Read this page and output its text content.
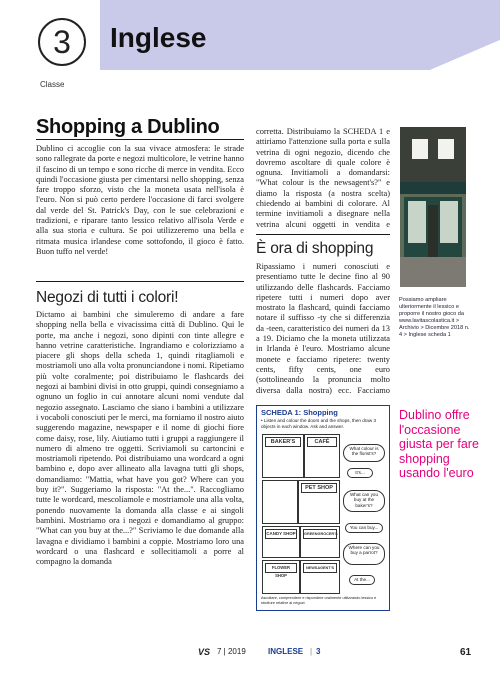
3
Classe
Inglese
Shopping a Dublino
Dublino ci accoglie con la sua vivace atmosfera: le strade sono rallegrate da porte e negozi multicolore, le vetrine hanno il fascino di un tempo e sono ricche di merce in vendita. Ecco quindi l'occasione giusta per cimentarsi nello shopping, senza fare troppo sforzo, visto che la moneta usata nell'isola è l'euro. Non si può certo perdere l'occasione di farci svolgere dal verde del St. Patrick's Day, con le sue celebrazioni e tradizioni, e riparare tanto lessico relativo all'isola Verde e alla sua storia e cultura. Se poi utilizzeremo una bella e ritmata musica irlandese come sottofondo, il gioco è fatto. Buon tuffo nel verde!
Negozi di tutti i colori!
Dictamo ai bambini che simuleremo di andare a fare shopping nella bella e vivacissima città di Dublino. Qui le porte, ma anche i negozi, sono dipinti con tinte allegre e hanno vetrine caratteristiche. Ingrandiamo e colorizziamo a piacere gli shops della scheda 1, quindi ritagliamoli e mostriamoli uno alla volta pronunciandone i nomi. Ripetiamo più volte coralmente; poi distribuiamo le flashcards dei negozi ai bambini divisi in otto gruppi, quindi consegniamo a ognuno un foglio in cui annotare alcuni nomi vendute dal negozio assegnato. Lasciamo che siano i bambini a utilizzare i vocaboli conosciuti per le merci, ma forniamo il nostro aiuto suggerendo magazine, newspaper e il nome di giochi fiore come daisy, rose, lily. Aiutiamo tutti i gruppi a raggiungere il numero di almeno tre oggetti. Scriviamoli su cartoncini e mostriamoli ripetendo. Poi distribuiamo una wordcard a ogni bambino e, dopo aver allineato alla lavagna tutti gli shops, domandiamo: "Mattia, what have you got? Where can you buy it?". Suggeriamo la risposta: "At the...". Raccogliamo tutte le wordcard, mescoliamole e mostriamole una alla volta, ponendo nuovamente la domanda alla classe e ai singoli bambini. Mostriamo ora i negozi e domandiamo al gruppo: "What can you buy at the...?" Scriviamo le due domande alla lavagna e dividiamo i bambini a coppie. Mostriamo loro una wordcard o una flashcard e sollecitiamoli a porre al compagno la domanda
corretta. Distribuiamo la SCHEDA 1 e attiriamo l'attenzione sulla porta e sulla vetrina di ogni negozio, dicendo che dovremo ascoltare di quale colore è ognuna. Invitiamoli a domandarsi: "What colour is the newsagent's?" e diamo la risposta (a nostra scelta) chiedendo ai bambini di colorare. Al termine invitiamoli a disegnare nella vetrina alcuni oggetti in vendita e
È ora di shopping
Ripassiamo i numeri conosciuti e presentiamo tutte le decine fino al 90 utilizzando delle flashcards. Facciamo ripetere tutti i numeri dopo aver mostrato la flashcard, quindi facciamo notare il suffisso -ty che si differenzia da -teen, caratteristico dei numeri da 13 a 19. Diciamo che la moneta utilizzata in Irlanda è l'euro. Mostriamo alcune monete e facciamo ripetere: twenty cents, fifty cents, one euro (sottolineando la pronuncia molto diversa dalla nostra) ecc. Facciamo
Possiamo ampliare ulteriormente il lessico e proporre il nostro gioco da www.lavitascolastica.it > Archivio > Dicembre 2018 n. 4 > Inglese scheda 1
Dublino offre l'occasione giusta per fare shopping usando l'euro
SCHEDA 1: Shopping
• Listen and colour the doors and the shops, then draw 3 objects in each window. Ask and answer.
BAKER'S	CAFÉ
PET SHOP
CANDY SHOP	GREENGROCER'S
FLOWER SHOP
NEWSAGENT'S
What colour is the florist's?
It's...
What can you buy at the baker's?
You can buy...
Where can you buy a parrot?
At the...
Ascoltare, comprendere e rispondere oralmente utilizzando lessico e strutture relative ai negozi.
VS 7 | 2019	INGLESE | 3	61
